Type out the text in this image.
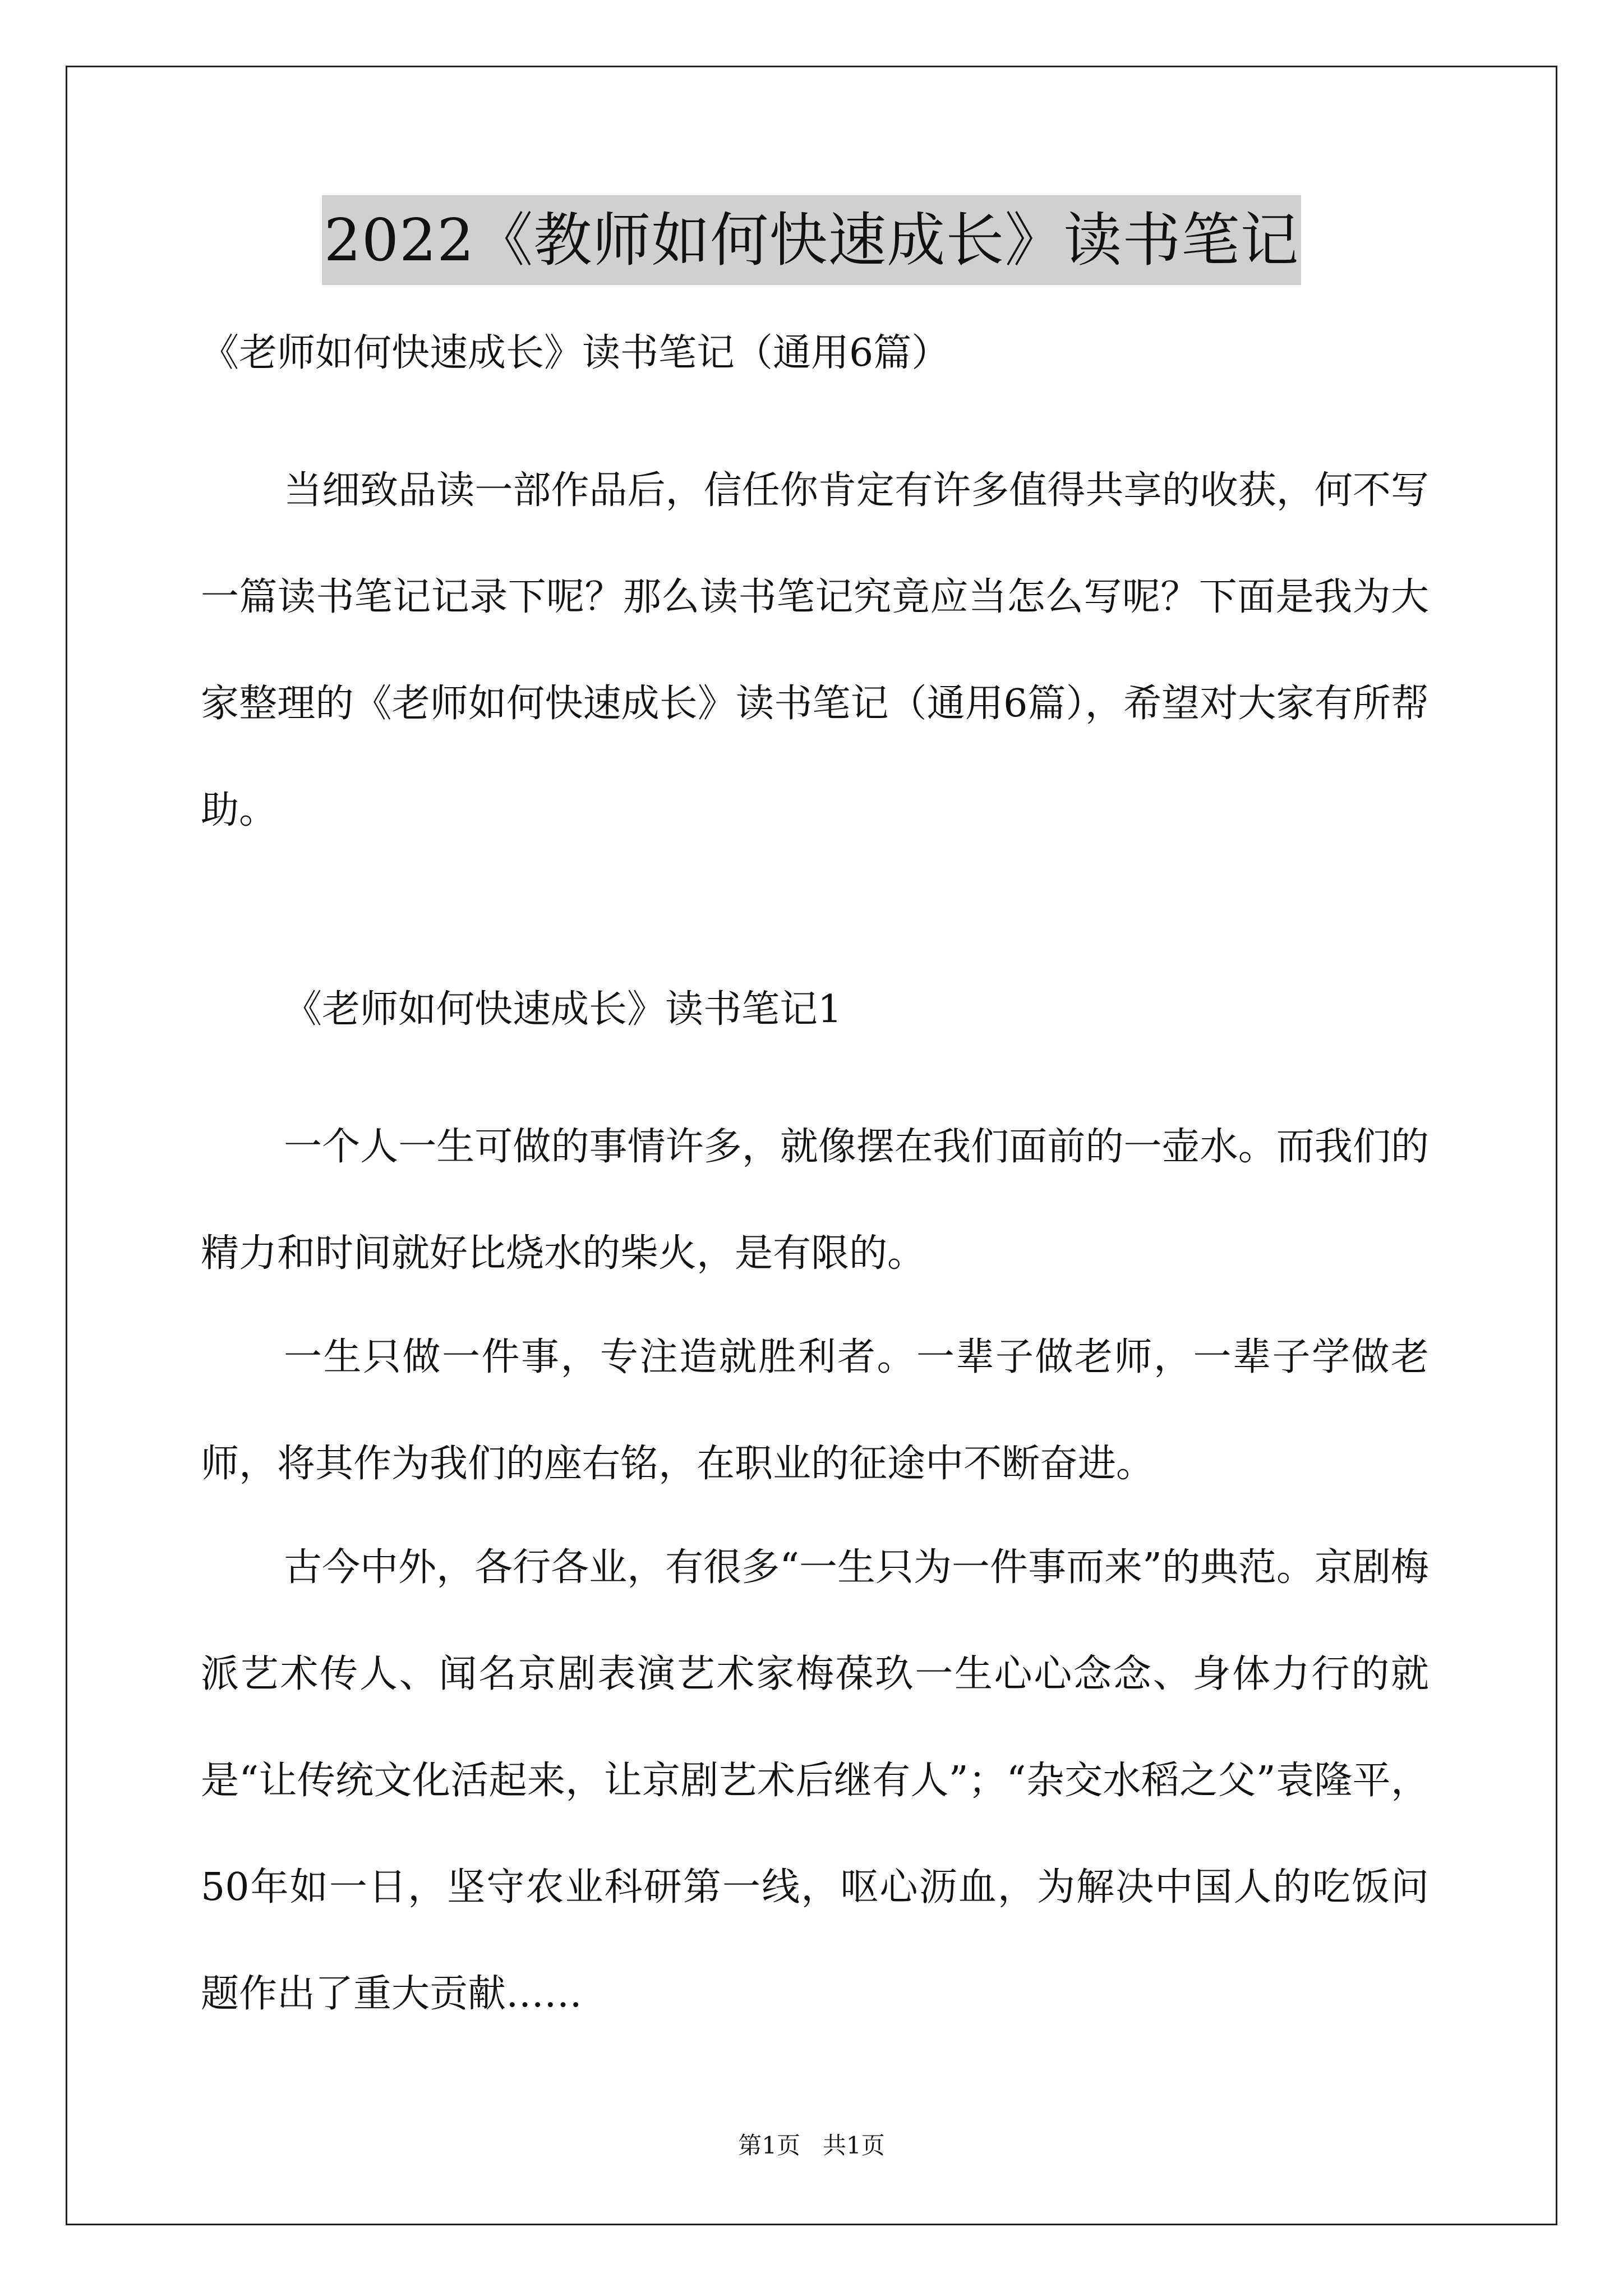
2022《教师如何快速成长》读书笔记

《老师如何快速成长》读书笔记（通用6篇）

当细致品读一部作品后，信任你肯定有许多值得共享的收获，何不写一篇读书笔记记录下呢？那么读书笔记究竟应当怎么写呢？下面是我为大家整理的《老师如何快速成长》读书笔记（通用6篇），希望对大家有所帮助。

《老师如何快速成长》读书笔记1

一个人一生可做的事情许多，就像摆在我们面前的一壶水。而我们的精力和时间就好比烧水的柴火，是有限的。

一生只做一件事，专注造就胜利者。一辈子做老师，一辈子学做老师，将其作为我们的座右铭，在职业的征途中不断奋进。

古今中外，各行各业，有很多“一生只为一件事而来”的典范。京剧梅派艺术传人、闻名京剧表演艺术家梅葆玖一生心心念念、身体力行的就是“让传统文化活起来，让京剧艺术后继有人”；“杂交水稻之父”袁隆平，50年如一日，坚守农业科研第一线，呕心沥血，为解决中国人的吃饭问题作出了重大贡献……

第1页   共1页
